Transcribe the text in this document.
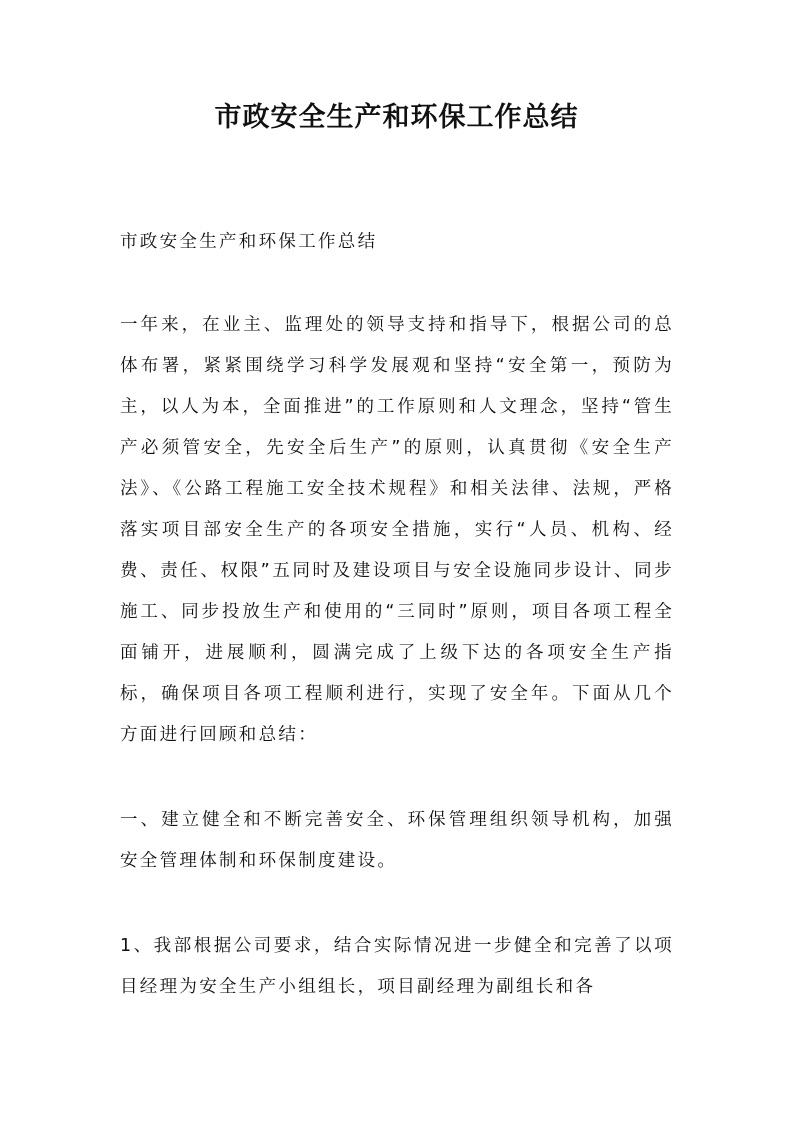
市政安全生产和环保工作总结

市政安全生产和环保工作总结

一年来，在业主、监理处的领导支持和指导下，根据公司的总体布署，紧紧围绕学习科学发展观和坚持“安全第一，预防为主，以人为本，全面推进”的工作原则和人文理念，坚持“管生产必须管安全，先安全后生产”的原则，认真贯彻《安全生产法》、《公路工程施工安全技术规程》和相关法律、法规，严格落实项目部安全生产的各项安全措施，实行“人员、机构、经费、责任、权限”五同时及建设项目与安全设施同步设计、同步施工、同步投放生产和使用的“三同时”原则，项目各项工程全面铺开，进展顺利，圆满完成了上级下达的各项安全生产指标，确保项目各项工程顺利进行，实现了安全年。下面从几个方面进行回顾和总结：

一、建立健全和不断完善安全、环保管理组织领导机构，加强安全管理体制和环保制度建设。

1、我部根据公司要求，结合实际情况进一步健全和完善了以项目经理为安全生产小组组长，项目副经理为副组长和各
